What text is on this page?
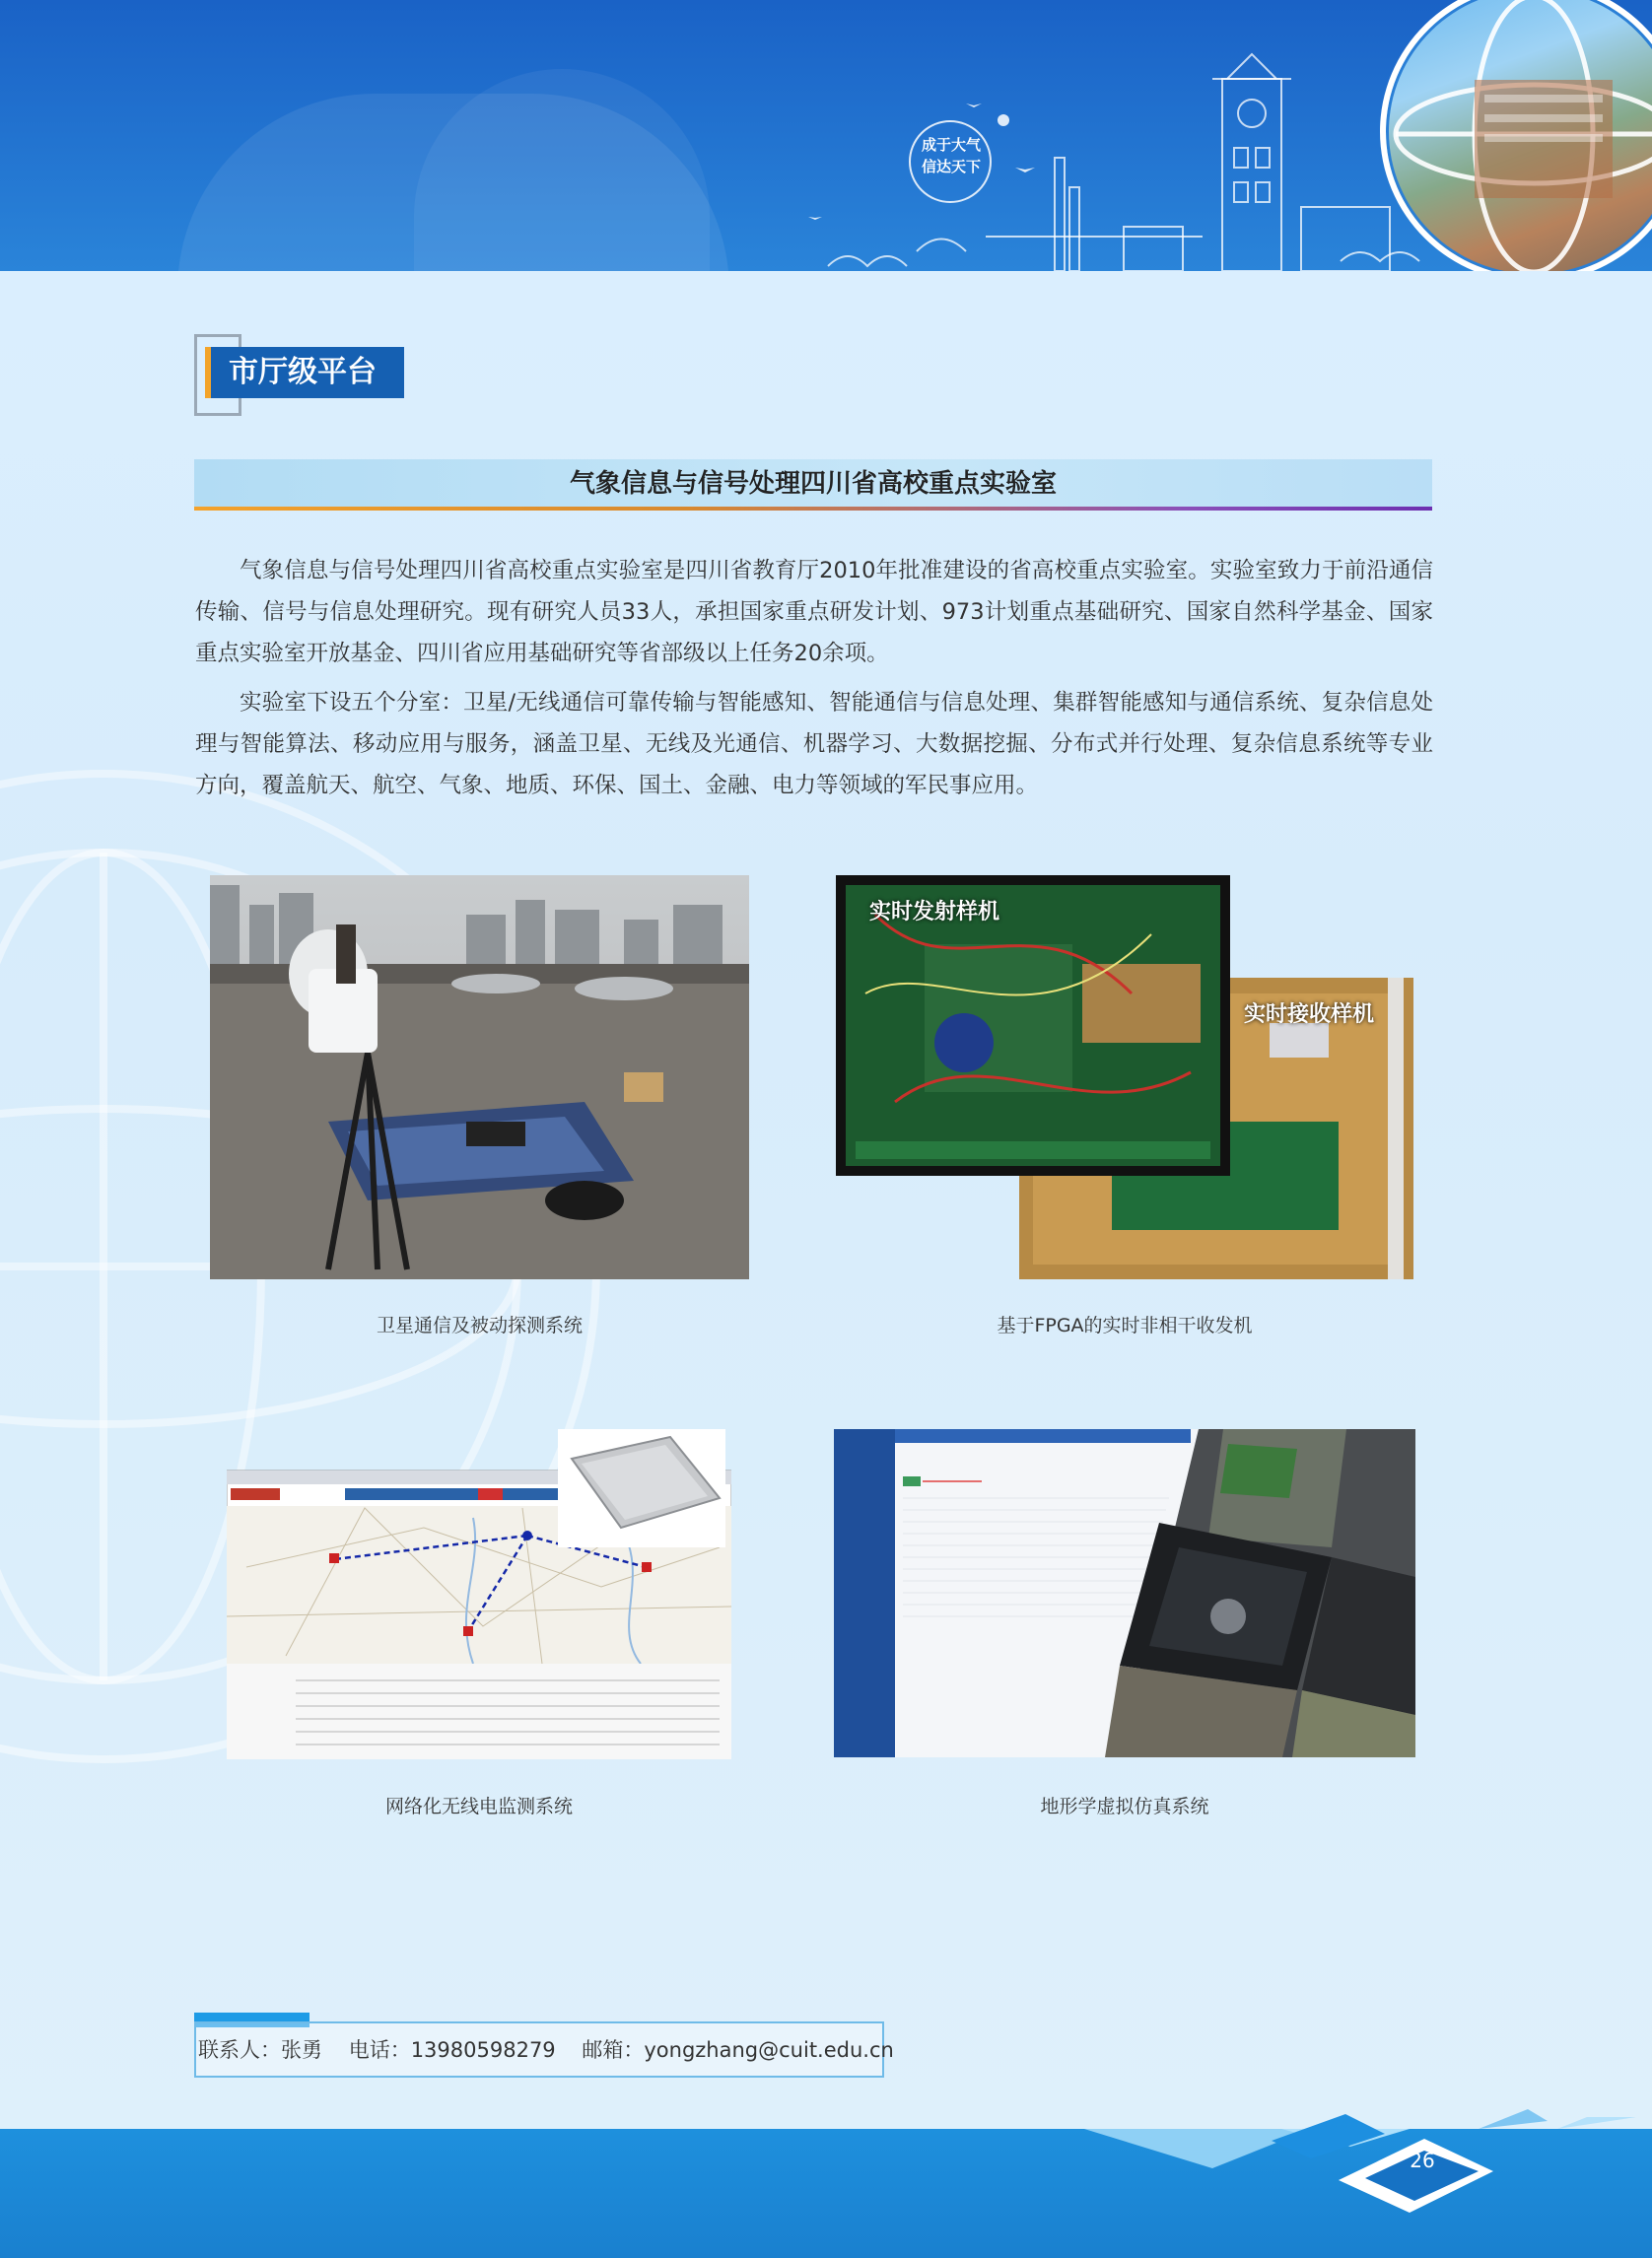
成于大气
信达天下
市厅级平台
气象信息与信号处理四川省高校重点实验室

气象信息与信号处理四川省高校重点实验室是四川省教育厅2010年批准建设的省高校重点实验室。实验室致力于前沿通信传输、信号与信息处理研究。现有研究人员33人，承担国家重点研发计划、973计划重点基础研究、国家自然科学基金、国家重点实验室开放基金、四川省应用基础研究等省部级以上任务20余项。

实验室下设五个分室：卫星/无线通信可靠传输与智能感知、智能通信与信息处理、集群智能感知与通信系统、复杂信息处理与智能算法、移动应用与服务，涵盖卫星、无线及光通信、机器学习、大数据挖掘、分布式并行处理、复杂信息系统等专业方向，覆盖航天、航空、气象、地质、环保、国土、金融、电力等领域的军民事应用。

卫星通信及被动探测系统
实时发射样机
实时接收样机
基于FPGA的实时非相干收发机
网络化无线电监测系统	地形学虚拟仿真系统
联系人：张勇    电话：13980598279    邮箱：yongzhang@cuit.edu.cn
26
